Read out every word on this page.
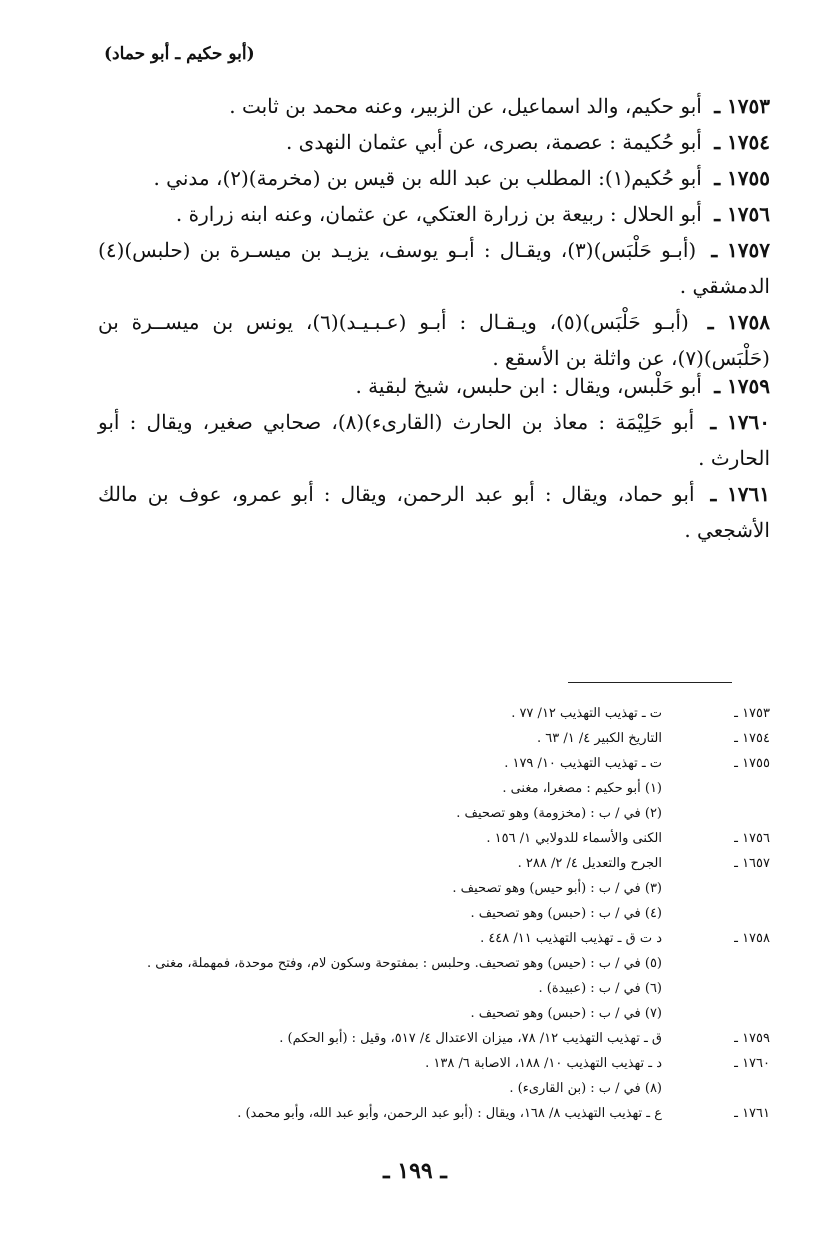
(أبو حكيم ـ أبو حماد)
١٧٥٣ ـ أبو حكيم، والد اسماعيل، عن الزبير، وعنه محمد بن ثابت .
١٧٥٤ ـ أبو حُكيمة : عصمة، بصرى، عن أبي عثمان النهدى .
١٧٥٥ ـ أبو حُكيم(١): المطلب بن عبد الله بن قيس بن (مخرمة)(٢)، مدني .
١٧٥٦ ـ أبو الحلال : ربيعة بن زرارة العتكي، عن عثمان، وعنه ابنه زرارة .
١٧٥٧ ـ (أبـو حَلْبَس)(٣)، ويقـال : أبـو يوسف، يزيـد بن ميسـرة بن (حلبس)(٤) الدمشقي .
١٧٥٨ ـ (أبـو حَلْبَس)(٥)، ويـقـال : أبـو (عـبـيـد)(٦)، يونس بن ميســرة بن (حَلْبَس)(٧)، عن واثلة بن الأسقع .
١٧٥٩ ـ أبو حَلْبس، ويقال : ابن حلبس، شيخ لبقية .
١٧٦٠ ـ أبو حَلِيْمَة : معاذ بن الحارث (القارىء)(٨)، صحابي صغير، ويقال : أبو الحارث .
١٧٦١ ـ أبو حماد، ويقال : أبو عبد الرحمن، ويقال : أبو عمرو، عوف بن مالك الأشجعي .
١٧٥٣ ـ
ت ـ تهذيب التهذيب ١٢/ ٧٧ .
١٧٥٤ ـ
التاريخ الكبير ٤/ ١/ ٦٣ .
١٧٥٥ ـ
ت ـ تهذيب التهذيب ١٠/ ١٧٩ .
(١) أبو حكيم : مصغرا، مغنى .
(٢) في / ب : (مخزومة) وهو تصحيف .
١٧٥٦ ـ
الكنى والأسماء للدولابي ١/ ١٥٦ .
١٦٥٧ ـ
الجرح والتعديل ٤/ ٢/ ٢٨٨ .
(٣) في / ب : (أبو حيس) وهو تصحيف .
(٤) في / ب : (حبس) وهو تصحيف .
١٧٥٨ ـ
د ت ق ـ تهذيب التهذيب ١١/ ٤٤٨ .
(٥) في / ب : (حيس) وهو تصحيف. وحلبس : بمفتوحة وسكون لام، وفتح موحدة، فمهملة، مغنى .
(٦) في / ب : (عبيدة) .
(٧) في / ب : (حبس) وهو تصحيف .
١٧٥٩ ـ
ق ـ تهذيب التهذيب ١٢/ ٧٨، ميزان الاعتدال ٤/ ٥١٧، وقيل : (أبو الحكم) .
١٧٦٠ ـ
د ـ تهذيب التهذيب ١٠/ ١٨٨، الاصابة ٦/ ١٣٨ .
(٨) في / ب : (بن القارىء) .
١٧٦١ ـ
ع ـ تهذيب التهذيب ٨/ ١٦٨، ويقال : (أبو عبد الرحمن، وأبو عبد الله، وأبو محمد) .
ـ ١٩٩ ـ
